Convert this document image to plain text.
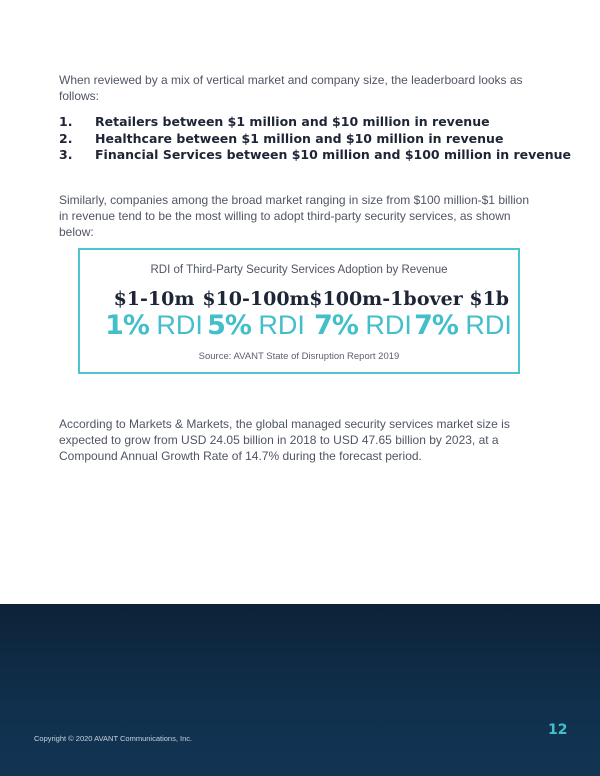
When reviewed by a mix of vertical market and company size, the leaderboard looks as follows:

1.	Retailers between $1 million and $10 million in revenue
2.	Healthcare between $1 million and $10 million in revenue
3.	Financial Services between $10 million and $100 million in revenue

Similarly, companies among the broad market ranging in size from $100 million-$1 billion in revenue tend to be the most willing to adopt third-party security services, as shown below:

RDI of Third-Party Security Services Adoption by Revenue
$1-10m
1% RDI
$10-100m
5% RDI
$100m-1b
7% RDI
over $1b
7% RDI
Source: AVANT State of Disruption Report 2019

According to Markets & Markets, the global managed security services market size is expected to grow from USD 24.05 billion in 2018 to USD 47.65 billion by 2023, at a Compound Annual Growth Rate of 14.7% during the forecast period.

Copyright © 2020 AVANT Communications, Inc.
12
